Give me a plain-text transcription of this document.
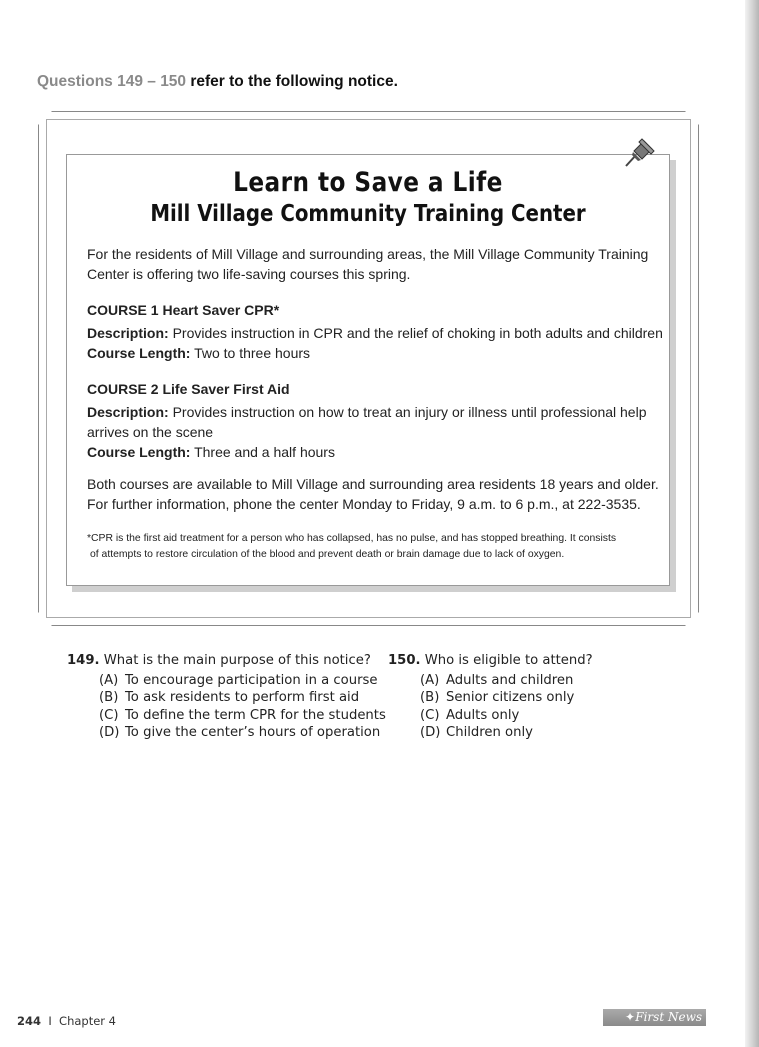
Questions 149 – 150 refer to the following notice.
Learn to Save a Life
Mill Village Community Training Center
For the residents of Mill Village and surrounding areas, the Mill Village Community Training
Center is offering two life-saving courses this spring.
COURSE 1 Heart Saver CPR*
Description: Provides instruction in CPR and the relief of choking in both adults and children
Course Length: Two to three hours
COURSE 2 Life Saver First Aid
Description: Provides instruction on how to treat an injury or illness until professional help
arrives on the scene
Course Length: Three and a half hours
Both courses are available to Mill Village and surrounding area residents 18 years and older.
For further information, phone the center Monday to Friday, 9 a.m. to 6 p.m., at 222-3535.
*CPR is the first aid treatment for a person who has collapsed, has no pulse, and has stopped breathing. It consists
of attempts to restore circulation of the blood and prevent death or brain damage due to lack of oxygen.
149. What is the main purpose of this notice?
(A) To encourage participation in a course
(B) To ask residents to perform first aid
(C) To define the term CPR for the students
(D) To give the center’s hours of operation
150. Who is eligible to attend?
(A) Adults and children
(B) Senior citizens only
(C) Adults only
(D) Children only
244 I Chapter 4	✦ First News
